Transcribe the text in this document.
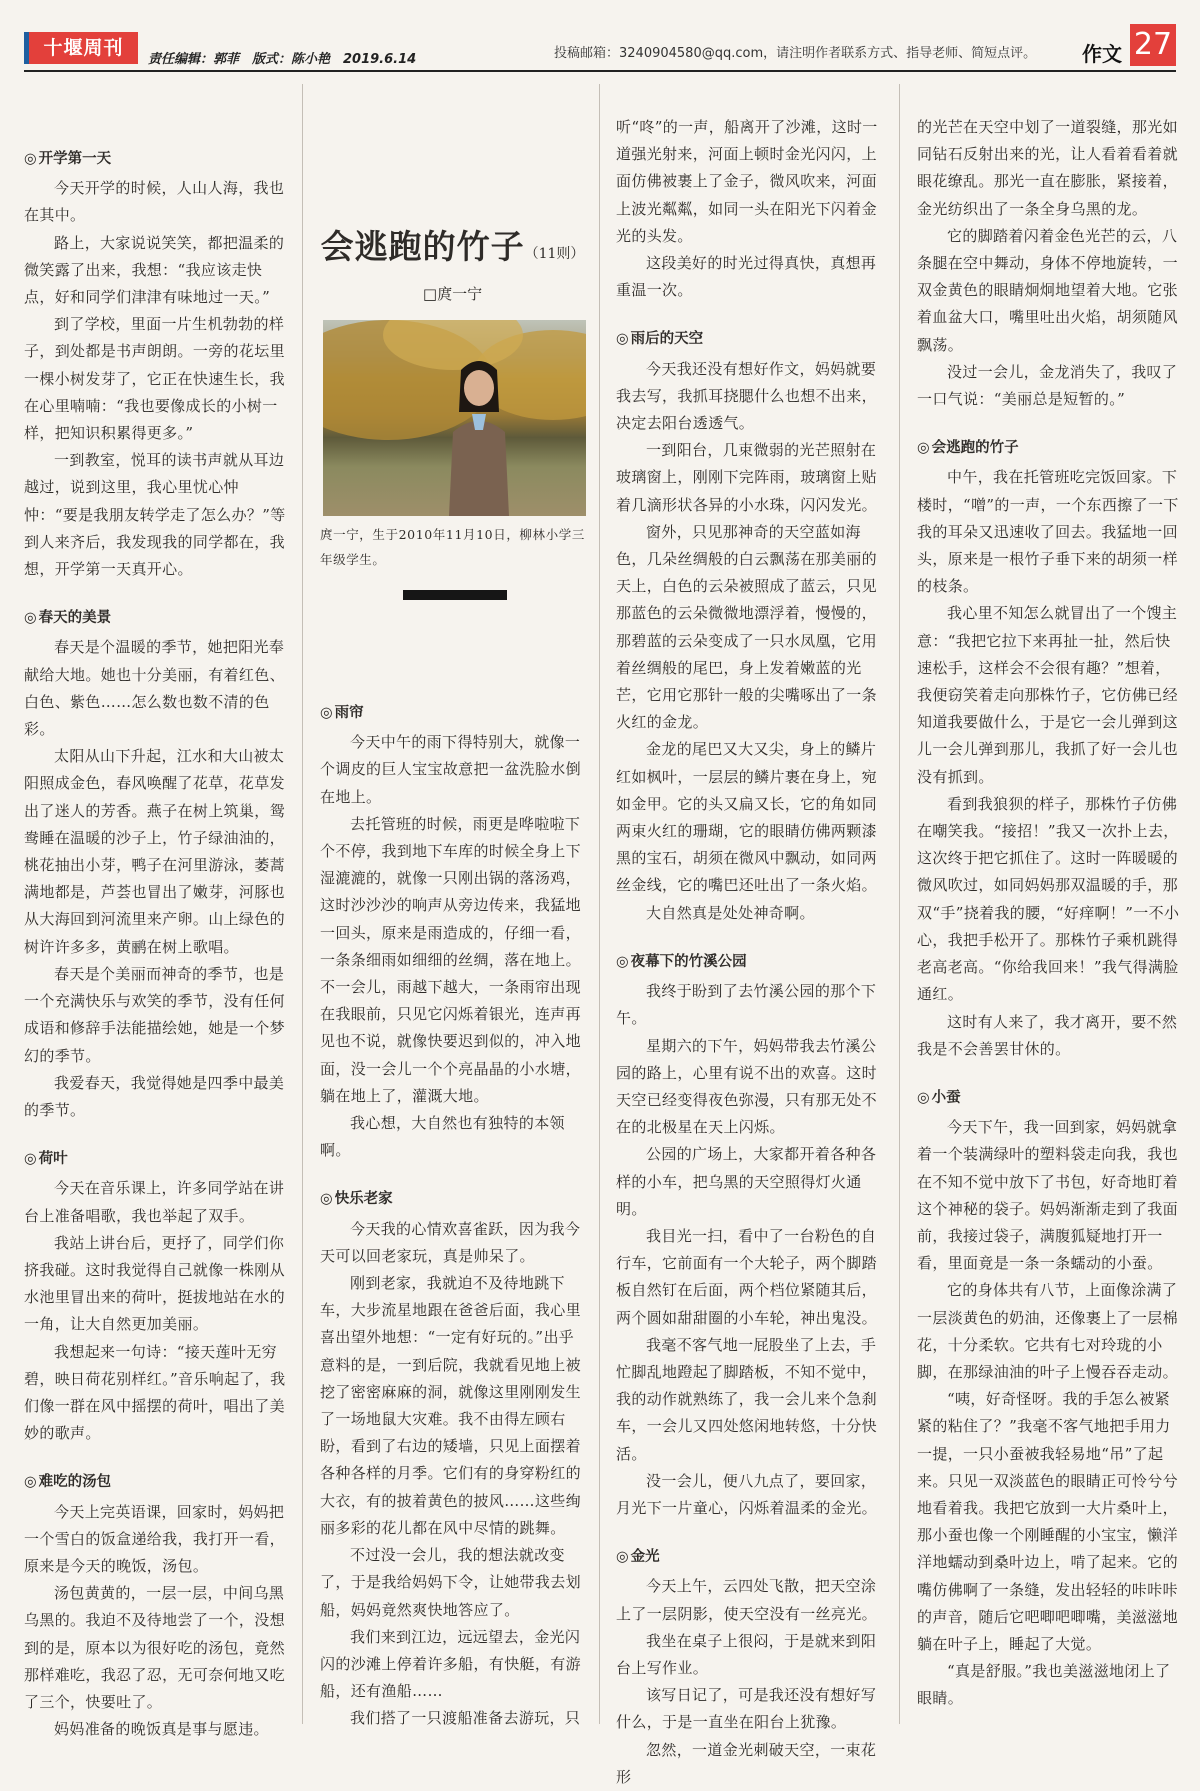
十堰周刊
责任编辑：郭菲　版式：陈小艳　2019.6.14	投稿邮箱：3240904580@qq.com，请注明作者联系方式、指导老师、简短点评。 作文 27
会逃跑的竹子（11则）
□庹一宁
庹一宁，生于2010年11月10日，柳林小学三年级学生。
◎ 开学第一天

今天开学的时候，人山人海，我也在其中。

路上，大家说说笑笑，都把温柔的微笑露了出来，我想：“我应该走快点，好和同学们津津有味地过一天。”

到了学校，里面一片生机勃勃的样子，到处都是书声朗朗。一旁的花坛里一棵小树发芽了，它正在快速生长，我在心里喃喃：“我也要像成长的小树一样，把知识积累得更多。”

一到教室，悦耳的读书声就从耳边越过，说到这里，我心里忧心忡忡：“要是我朋友转学走了怎么办？”等到人来齐后，我发现我的同学都在，我想，开学第一天真开心。

◎ 春天的美景

春天是个温暖的季节，她把阳光奉献给大地。她也十分美丽，有着红色、白色、紫色……怎么数也数不清的色彩。

太阳从山下升起，江水和大山被太阳照成金色，春风唤醒了花草，花草发出了迷人的芳香。燕子在树上筑巢，鸳鸯睡在温暖的沙子上，竹子绿油油的，桃花抽出小芽，鸭子在河里游泳，萎蒿满地都是，芦荟也冒出了嫩芽，河豚也从大海回到河流里来产卵。山上绿色的树许许多多，黄鹂在树上歌唱。

春天是个美丽而神奇的季节，也是一个充满快乐与欢笑的季节，没有任何成语和修辞手法能描绘她，她是一个梦幻的季节。

我爱春天，我觉得她是四季中最美的季节。

◎ 荷叶

今天在音乐课上，许多同学站在讲台上准备唱歌，我也举起了双手。

我站上讲台后，更抒了，同学们你挤我碰。这时我觉得自己就像一株刚从水池里冒出来的荷叶，挺拔地站在水的一角，让大自然更加美丽。

我想起来一句诗：“接天莲叶无穷碧，映日荷花别样红。”音乐响起了，我们像一群在风中摇摆的荷叶，唱出了美妙的歌声。

◎ 难吃的汤包

今天上完英语课，回家时，妈妈把一个雪白的饭盒递给我，我打开一看，原来是今天的晚饭，汤包。

汤包黄黄的，一层一层，中间乌黑乌黑的。我迫不及待地尝了一个，没想到的是，原本以为很好吃的汤包，竟然那样难吃，我忍了忍，无可奈何地又吃了三个，快要吐了。

妈妈准备的晚饭真是事与愿违。

◎ 雨帘

今天中午的雨下得特别大，就像一个调皮的巨人宝宝故意把一盆洗脸水倒在地上。

去托管班的时候，雨更是哗啦啦下个不停，我到地下车库的时候全身上下湿漉漉的，就像一只刚出锅的落汤鸡，这时沙沙沙的响声从旁边传来，我猛地一回头，原来是雨造成的，仔细一看，一条条细雨如细细的丝绸，落在地上。不一会儿，雨越下越大，一条雨帘出现在我眼前，只见它闪烁着银光，连声再见也不说，就像快要迟到似的，冲入地面，没一会儿一个个亮晶晶的小水塘，躺在地上了，灌溉大地。

我心想，大自然也有独特的本领啊。

◎ 快乐老家

今天我的心情欢喜雀跃，因为我今天可以回老家玩，真是帅呆了。

刚到老家，我就迫不及待地跳下车，大步流星地跟在爸爸后面，我心里喜出望外地想：“一定有好玩的。”出乎意料的是，一到后院，我就看见地上被挖了密密麻麻的洞，就像这里刚刚发生了一场地鼠大灾难。我不由得左顾右盼，看到了右边的矮墙，只见上面摆着各种各样的月季。它们有的身穿粉红的大衣，有的披着黄色的披风……这些绚丽多彩的花儿都在风中尽情的跳舞。

不过没一会儿，我的想法就改变了，于是我给妈妈下令，让她带我去划船，妈妈竟然爽快地答应了。

我们来到江边，远远望去，金光闪闪的沙滩上停着许多船，有快艇，有游船，还有渔船……

我们搭了一只渡船准备去游玩，只

听“咚”的一声，船离开了沙滩，这时一道强光射来，河面上顿时金光闪闪，上面仿佛被裹上了金子，微风吹来，河面上波光粼粼，如同一头在阳光下闪着金光的头发。

这段美好的时光过得真快，真想再重温一次。

◎ 雨后的天空

今天我还没有想好作文，妈妈就要我去写，我抓耳挠腮什么也想不出来，决定去阳台透透气。

一到阳台，几束微弱的光芒照射在玻璃窗上，刚刚下完阵雨，玻璃窗上贴着几滴形状各异的小水珠，闪闪发光。

窗外，只见那神奇的天空蓝如海色，几朵丝绸般的白云飘荡在那美丽的天上，白色的云朵被照成了蓝云，只见那蓝色的云朵微微地漂浮着，慢慢的，那碧蓝的云朵变成了一只水凤凰，它用着丝绸般的尾巴，身上发着嫩蓝的光芒，它用它那针一般的尖嘴啄出了一条火红的金龙。

金龙的尾巴又大又尖，身上的鳞片红如枫叶，一层层的鳞片裹在身上，宛如金甲。它的头又扁又长，它的角如同两束火红的珊瑚，它的眼睛仿佛两颗漆黑的宝石，胡须在微风中飘动，如同两丝金线，它的嘴巴还吐出了一条火焰。

大自然真是处处神奇啊。

◎ 夜幕下的竹溪公园

我终于盼到了去竹溪公园的那个下午。

星期六的下午，妈妈带我去竹溪公园的路上，心里有说不出的欢喜。这时天空已经变得夜色弥漫，只有那无处不在的北极星在天上闪烁。

公园的广场上，大家都开着各种各样的小车，把乌黑的天空照得灯火通明。

我目光一扫，看中了一台粉色的自行车，它前面有一个大轮子，两个脚踏板自然钉在后面，两个档位紧随其后，两个圆如甜甜圈的小车轮，神出鬼没。

我毫不客气地一屁股坐了上去，手忙脚乱地蹬起了脚踏板，不知不觉中，我的动作就熟练了，我一会儿来个急刹车，一会儿又四处悠闲地转悠，十分快活。

没一会儿，便八九点了，要回家，月光下一片童心，闪烁着温柔的金光。

◎ 金光

今天上午，云四处飞散，把天空涂上了一层阴影，使天空没有一丝亮光。

我坐在桌子上很闷，于是就来到阳台上写作业。

该写日记了，可是我还没有想好写什么，于是一直坐在阳台上犹豫。

忽然，一道金光刺破天空，一束花形

的光芒在天空中划了一道裂缝，那光如同钻石反射出来的光，让人看着看着就眼花缭乱。那光一直在膨胀，紧接着，金光纺织出了一条全身乌黑的龙。

它的脚踏着闪着金色光芒的云，八条腿在空中舞动，身体不停地旋转，一双金黄色的眼睛炯炯地望着大地。它张着血盆大口，嘴里吐出火焰，胡须随风飘荡。

没过一会儿，金龙消失了，我叹了一口气说：“美丽总是短暂的。”

◎ 会逃跑的竹子

中午，我在托管班吃完饭回家。下楼时，“噌”的一声，一个东西擦了一下我的耳朵又迅速收了回去。我猛地一回头，原来是一根竹子垂下来的胡须一样的枝条。

我心里不知怎么就冒出了一个馊主意：“我把它拉下来再扯一扯，然后快速松手，这样会不会很有趣？”想着，我便窃笑着走向那株竹子，它仿佛已经知道我要做什么，于是它一会儿弹到这儿一会儿弹到那儿，我抓了好一会儿也没有抓到。

看到我狼狈的样子，那株竹子仿佛在嘲笑我。“接招！”我又一次扑上去，这次终于把它抓住了。这时一阵暖暖的微风吹过，如同妈妈那双温暖的手，那双“手”挠着我的腰，“好痒啊！”一不小心，我把手松开了。那株竹子乘机跳得老高老高。“你给我回来！”我气得满脸通红。

这时有人来了，我才离开，要不然我是不会善罢甘休的。

◎ 小蚕

今天下午，我一回到家，妈妈就拿着一个装满绿叶的塑料袋走向我，我也在不知不觉中放下了书包，好奇地盯着这个神秘的袋子。妈妈渐渐走到了我面前，我接过袋子，满腹狐疑地打开一看，里面竟是一条一条蠕动的小蚕。

它的身体共有八节，上面像涂满了一层淡黄色的奶油，还像裹上了一层棉花，十分柔软。它共有七对玲珑的小脚，在那绿油油的叶子上慢吞吞走动。

“咦，好奇怪呀。我的手怎么被紧紧的粘住了？”我毫不客气地把手用力一提，一只小蚕被我轻易地“吊”了起来。只见一双淡蓝色的眼睛正可怜兮兮地看着我。我把它放到一大片桑叶上，那小蚕也像一个刚睡醒的小宝宝，懒洋洋地蠕动到桑叶边上，啃了起来。它的嘴仿佛啊了一条缝，发出轻轻的咔咔咔的声音，随后它吧唧吧唧嘴，美滋滋地躺在叶子上，睡起了大觉。

“真是舒服。”我也美滋滋地闭上了眼睛。
